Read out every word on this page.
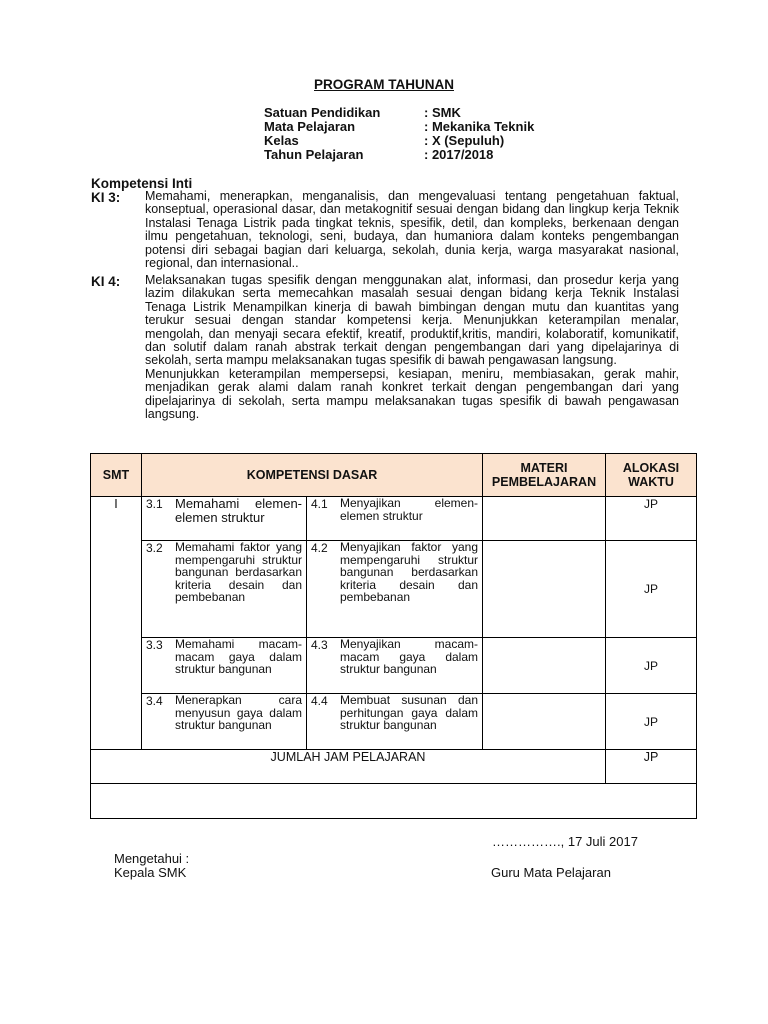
PROGRAM TAHUNAN
Satuan Pendidikan	: SMK
Mata Pelajaran	: Mekanika Teknik
Kelas	: X (Sepuluh)
Tahun Pelajaran	: 2017/2018
Kompetensi Inti
KI 3: Memahami, menerapkan, menganalisis, dan mengevaluasi tentang pengetahuan faktual, konseptual, operasional dasar, dan metakognitif sesuai dengan bidang dan lingkup kerja Teknik Instalasi Tenaga Listrik pada tingkat teknis, spesifik, detil, dan kompleks, berkenaan dengan ilmu pengetahuan, teknologi, seni, budaya, dan humaniora dalam konteks pengembangan potensi diri sebagai bagian dari keluarga, sekolah, dunia kerja, warga masyarakat nasional, regional, dan internasional..

KI 4: Melaksanakan tugas spesifik dengan menggunakan alat, informasi, dan prosedur kerja yang lazim dilakukan serta memecahkan masalah sesuai dengan bidang kerja Teknik Instalasi Tenaga Listrik Menampilkan kinerja di bawah bimbingan dengan mutu dan kuantitas yang terukur sesuai dengan standar kompetensi kerja. Menunjukkan keterampilan menalar, mengolah, dan menyaji secara efektif, kreatif, produktif,kritis, mandiri, kolaboratif, komunikatif, dan solutif dalam ranah abstrak terkait dengan pengembangan dari yang dipelajarinya di sekolah, serta mampu melaksanakan tugas spesifik di bawah pengawasan langsung.

Menunjukkan keterampilan mempersepsi, kesiapan, meniru, membiasakan, gerak mahir, menjadikan gerak alami dalam ranah konkret terkait dengan pengembangan dari yang dipelajarinya di sekolah, serta mampu melaksanakan tugas spesifik di bawah pengawasan langsung.

SMT	KOMPETENSI DASAR		MATERI PEMBELAJARAN	ALOKASI WAKTU
I	3.1 Memahami elemen-elemen struktur	4.1 Menyajikan elemen-elemen struktur		JP

	3.2 Memahami faktor yang mempengaruhi struktur bangunan berdasarkan kriteria desain dan pembebanan	4.2 Menyajikan faktor yang mempengaruhi struktur bangunan berdasarkan kriteria desain dan pembebanan		JP

	3.3 Memahami macam-macam gaya dalam struktur bangunan	4.3 Menyajikan macam-macam gaya dalam struktur bangunan		JP

	3.4 Menerapkan cara menyusun gaya dalam struktur bangunan	4.4 Membuat susunan dan perhitungan gaya dalam struktur bangunan		JP
JUMLAH JAM PELAJARAN				JP

……………., 17 Juli 2017
Mengetahui :
Kepala SMK	Guru Mata Pelajaran
